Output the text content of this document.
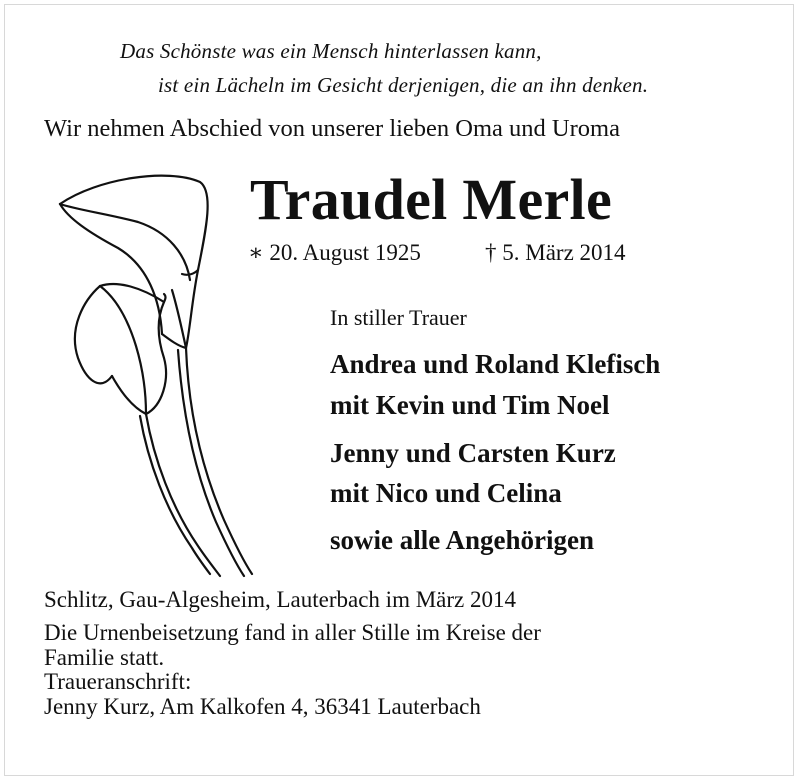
Das Schönste was ein Mensch hinterlassen kann,
ist ein Lächeln im Gesicht derjenigen, die an ihn denken.
Wir nehmen Abschied von unserer lieben Oma und Uroma
Traudel Merle
∗ 20. August 1925	† 5. März 2014
In stiller Trauer
Andrea und Roland Klefisch
mit Kevin und Tim Noel
Jenny und Carsten Kurz
mit Nico und Celina
sowie alle Angehörigen
Schlitz, Gau-Algesheim, Lauterbach im März 2014
Die Urnenbeisetzung fand in aller Stille im Kreise der
Familie statt.
Traueranschrift:
Jenny Kurz, Am Kalkofen 4, 36341 Lauterbach
